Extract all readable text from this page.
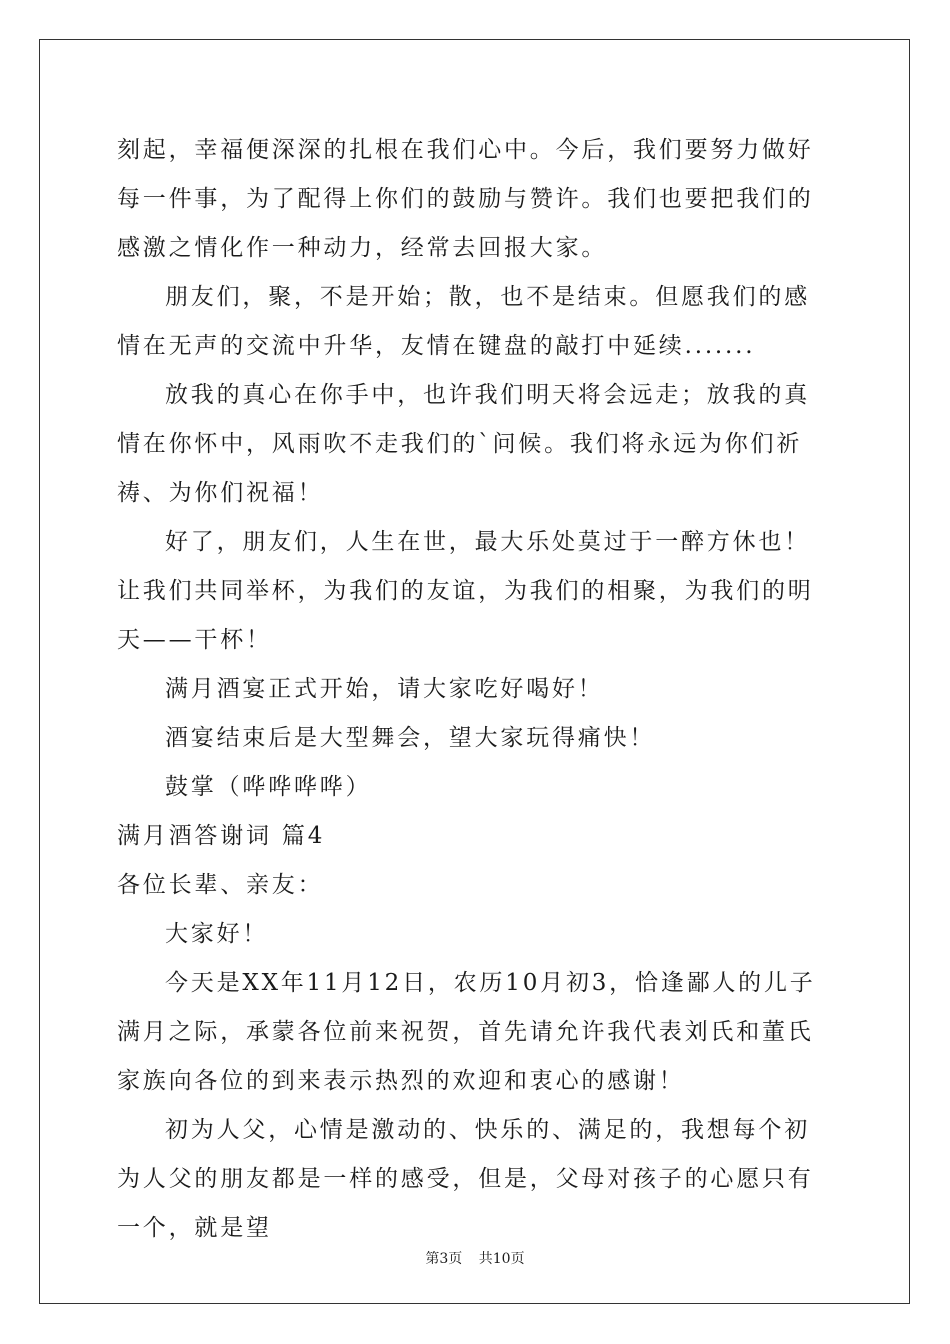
刻起，幸福便深深的扎根在我们心中。今后，我们要努力做好每一件事，为了配得上你们的鼓励与赞许。我们也要把我们的感激之情化作一种动力，经常去回报大家。

朋友们，聚，不是开始；散，也不是结束。但愿我们的感情在无声的交流中升华，友情在键盘的敲打中延续.......

放我的真心在你手中，也许我们明天将会远走；放我的真情在你怀中，风雨吹不走我们的`问候。我们将永远为你们祈祷、为你们祝福！

好了，朋友们，人生在世，最大乐处莫过于一醉方休也！让我们共同举杯，为我们的友谊，为我们的相聚，为我们的明天——干杯！

满月酒宴正式开始，请大家吃好喝好！

酒宴结束后是大型舞会，望大家玩得痛快！

鼓掌（哗哗哗哗）

满月酒答谢词 篇4

各位长辈、亲友：

大家好！

今天是XX年11月12日，农历10月初3，恰逢鄙人的儿子满月之际，承蒙各位前来祝贺，首先请允许我代表刘氏和董氏家族向各位的到来表示热烈的欢迎和衷心的感谢！

初为人父，心情是激动的、快乐的、满足的，我想每个初为人父的朋友都是一样的感受，但是，父母对孩子的心愿只有一个，就是望

第3页 共10页
